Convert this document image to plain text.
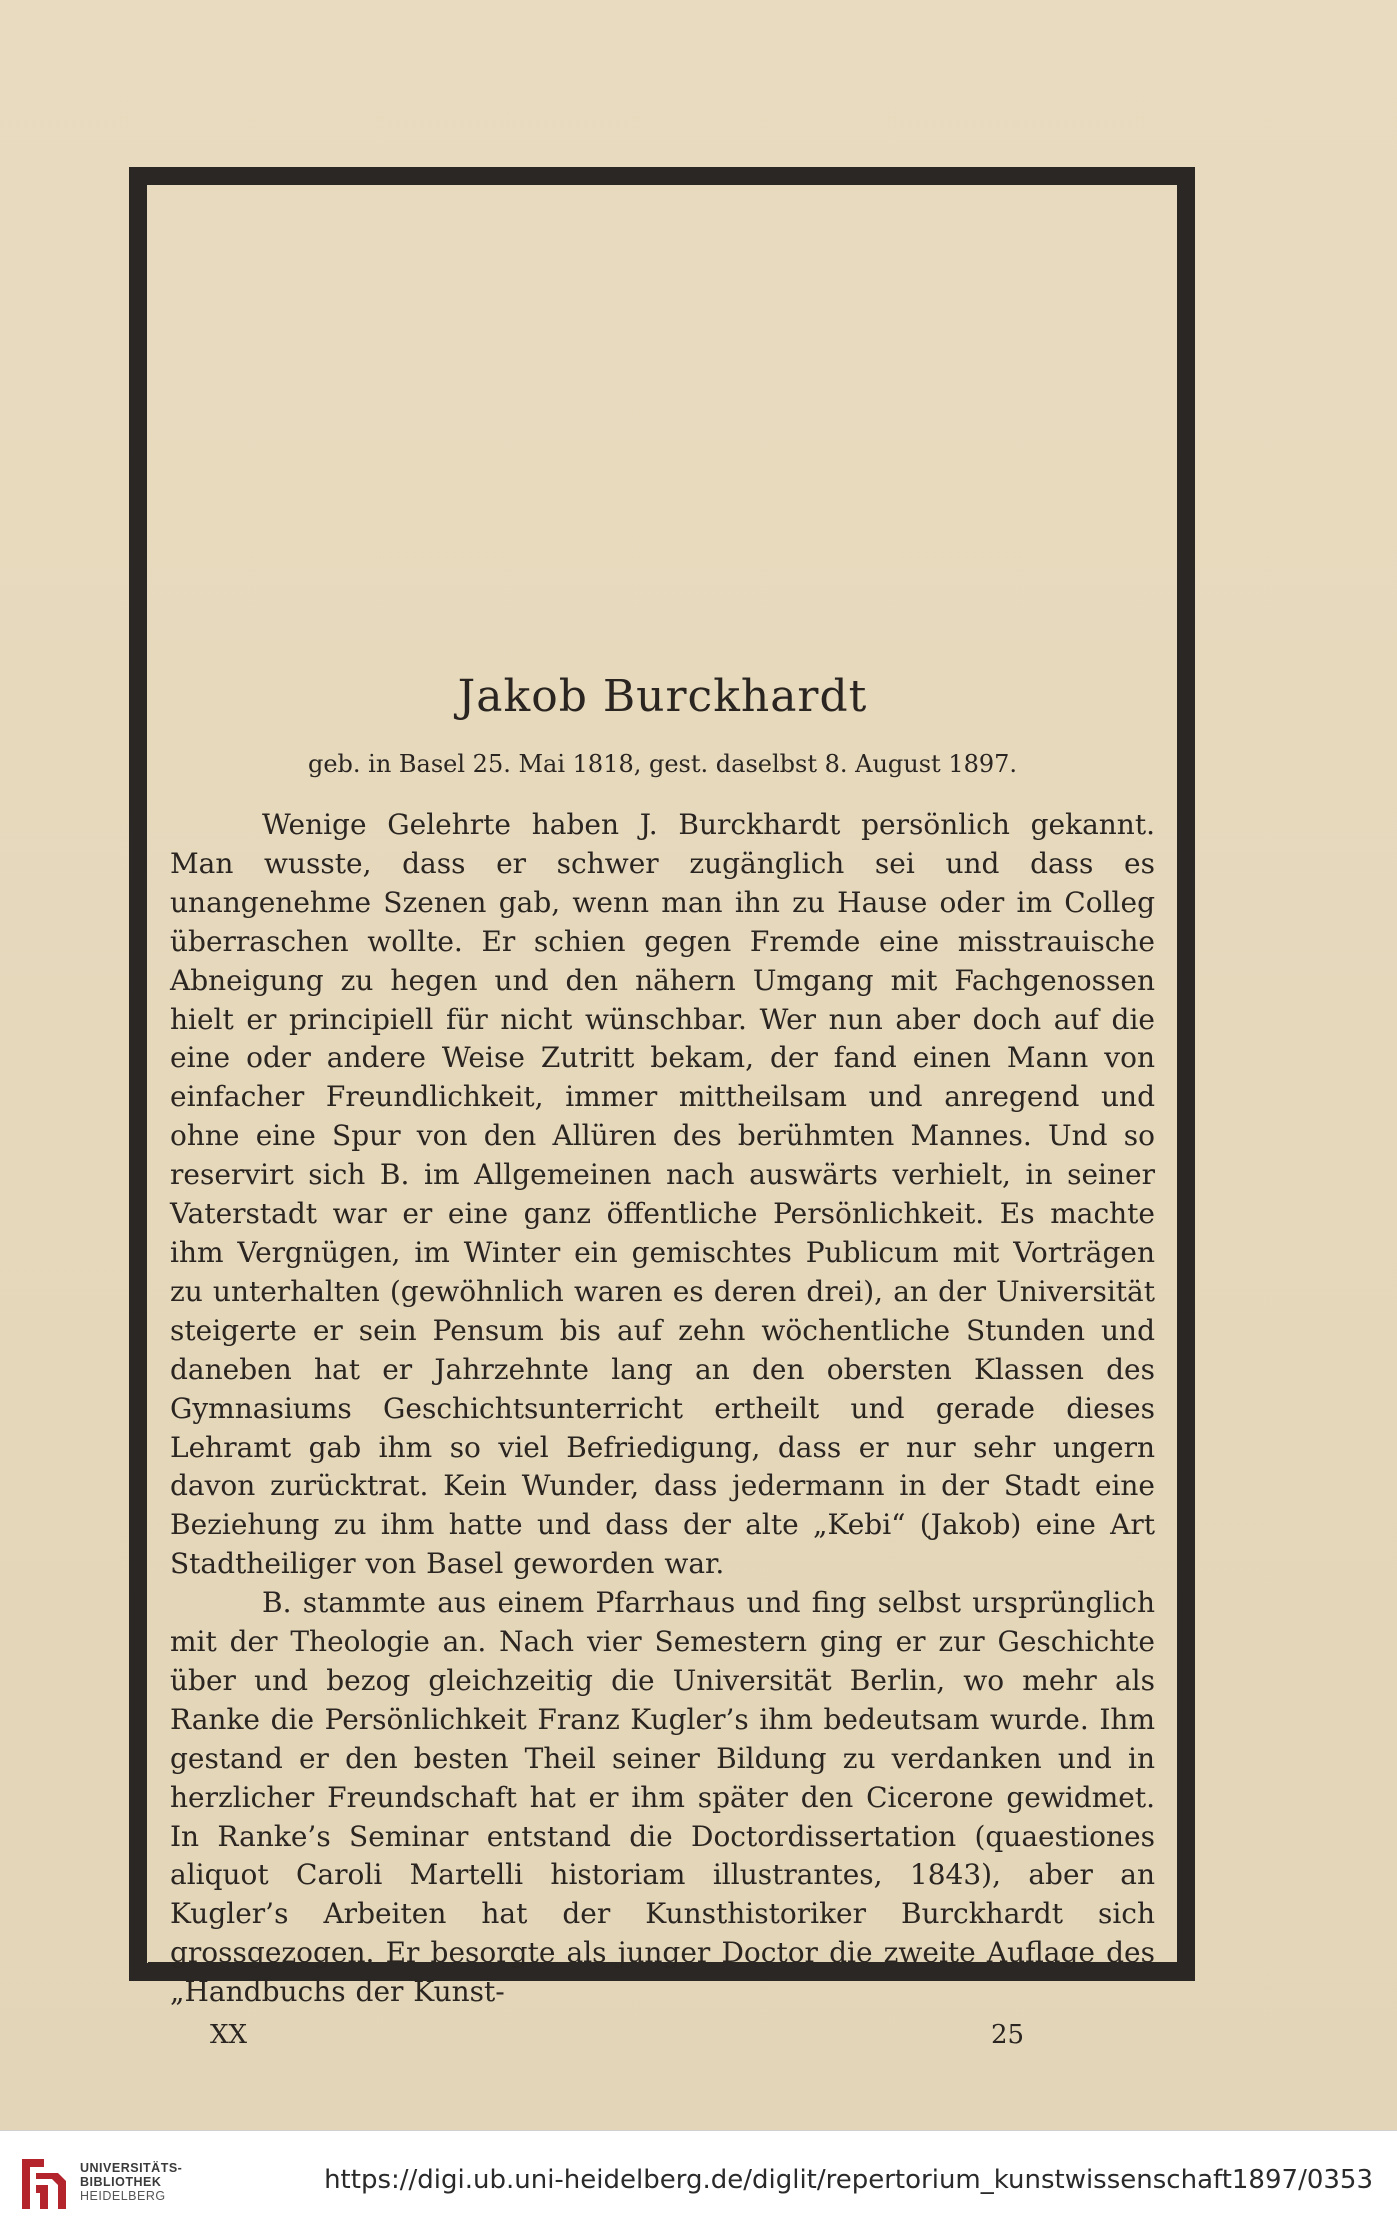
Jakob Burckhardt
geb. in Basel 25. Mai 1818, gest. daselbst 8. August 1897.

Wenige Gelehrte haben J. Burckhardt persönlich gekannt. Man wusste, dass er schwer zugänglich sei und dass es unangenehme Szenen gab, wenn man ihn zu Hause oder im Colleg überraschen wollte. Er schien gegen Fremde eine misstrauische Abneigung zu hegen und den nähern Umgang mit Fachgenossen hielt er principiell für nicht wünschbar. Wer nun aber doch auf die eine oder andere Weise Zutritt bekam, der fand einen Mann von einfacher Freundlichkeit, immer mittheilsam und anregend und ohne eine Spur von den Allüren des berühmten Mannes. Und so reservirt sich B. im Allgemeinen nach auswärts verhielt, in seiner Vaterstadt war er eine ganz öffentliche Persönlichkeit. Es machte ihm Vergnügen, im Winter ein gemischtes Publicum mit Vorträgen zu unterhalten (gewöhnlich waren es deren drei), an der Universität steigerte er sein Pensum bis auf zehn wöchentliche Stunden und daneben hat er Jahrzehnte lang an den obersten Klassen des Gymnasiums Geschichtsunterricht ertheilt und gerade dieses Lehramt gab ihm so viel Befriedigung, dass er nur sehr ungern davon zurücktrat. Kein Wunder, dass jedermann in der Stadt eine Beziehung zu ihm hatte und dass der alte „Kebi“ (Jakob) eine Art Stadtheiliger von Basel geworden war.

B. stammte aus einem Pfarrhaus und fing selbst ursprünglich mit der Theologie an. Nach vier Semestern ging er zur Geschichte über und bezog gleichzeitig die Universität Berlin, wo mehr als Ranke die Persönlichkeit Franz Kugler’s ihm bedeutsam wurde. Ihm gestand er den besten Theil seiner Bildung zu verdanken und in herzlicher Freundschaft hat er ihm später den Cicerone gewidmet. In Ranke’s Seminar entstand die Doctordissertation (quaestiones aliquot Caroli Martelli historiam illustrantes, 1843), aber an Kugler’s Arbeiten hat der Kunsthistoriker Burckhardt sich grossgezogen. Er besorgte als junger Doctor die zweite Auflage des „Handbuchs der Kunst-

XX	25
UNIVERSITÄTS-
BIBLIOTHEK
HEIDELBERG
https://digi.ub.uni-heidelberg.de/diglit/repertorium_kunstwissenschaft1897/0353
